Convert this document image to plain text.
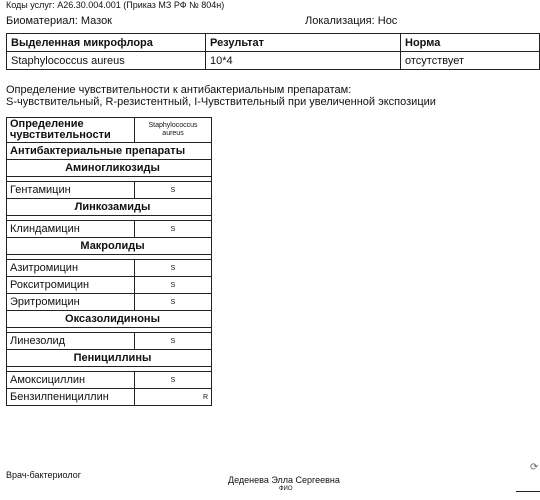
Коды услуг: А26.30.004.001 (Приказ МЗ РФ № 804н)
Биоматериал: Мазок	Локализация: Нос
Выделенная микрофлора	Результат	Норма
Staphylococcus aureus	10*4	отсутствует
Определение чувствительности к антибактериальным препаратам:
S-чувствительный, R-резистентный, I-Чувствительный при увеличенной экспозиции
Определение чувствительности	Staphylococcus aureus
Антибактериальные препараты	
Аминогликозиды	

Гентамицин	S
Линкозамиды	

Клиндамицин	S
Макролиды	

Азитромицин	S
Рокситромицин	S
Эритромицин	S
Оксазолидиноны	

Линезолид	S
Пенициллины	

Амоксициллин	S
Бензилпенициллин	R
Врач-бактериолог	Деденева Элла Сергеевна
ФИО
⟳
